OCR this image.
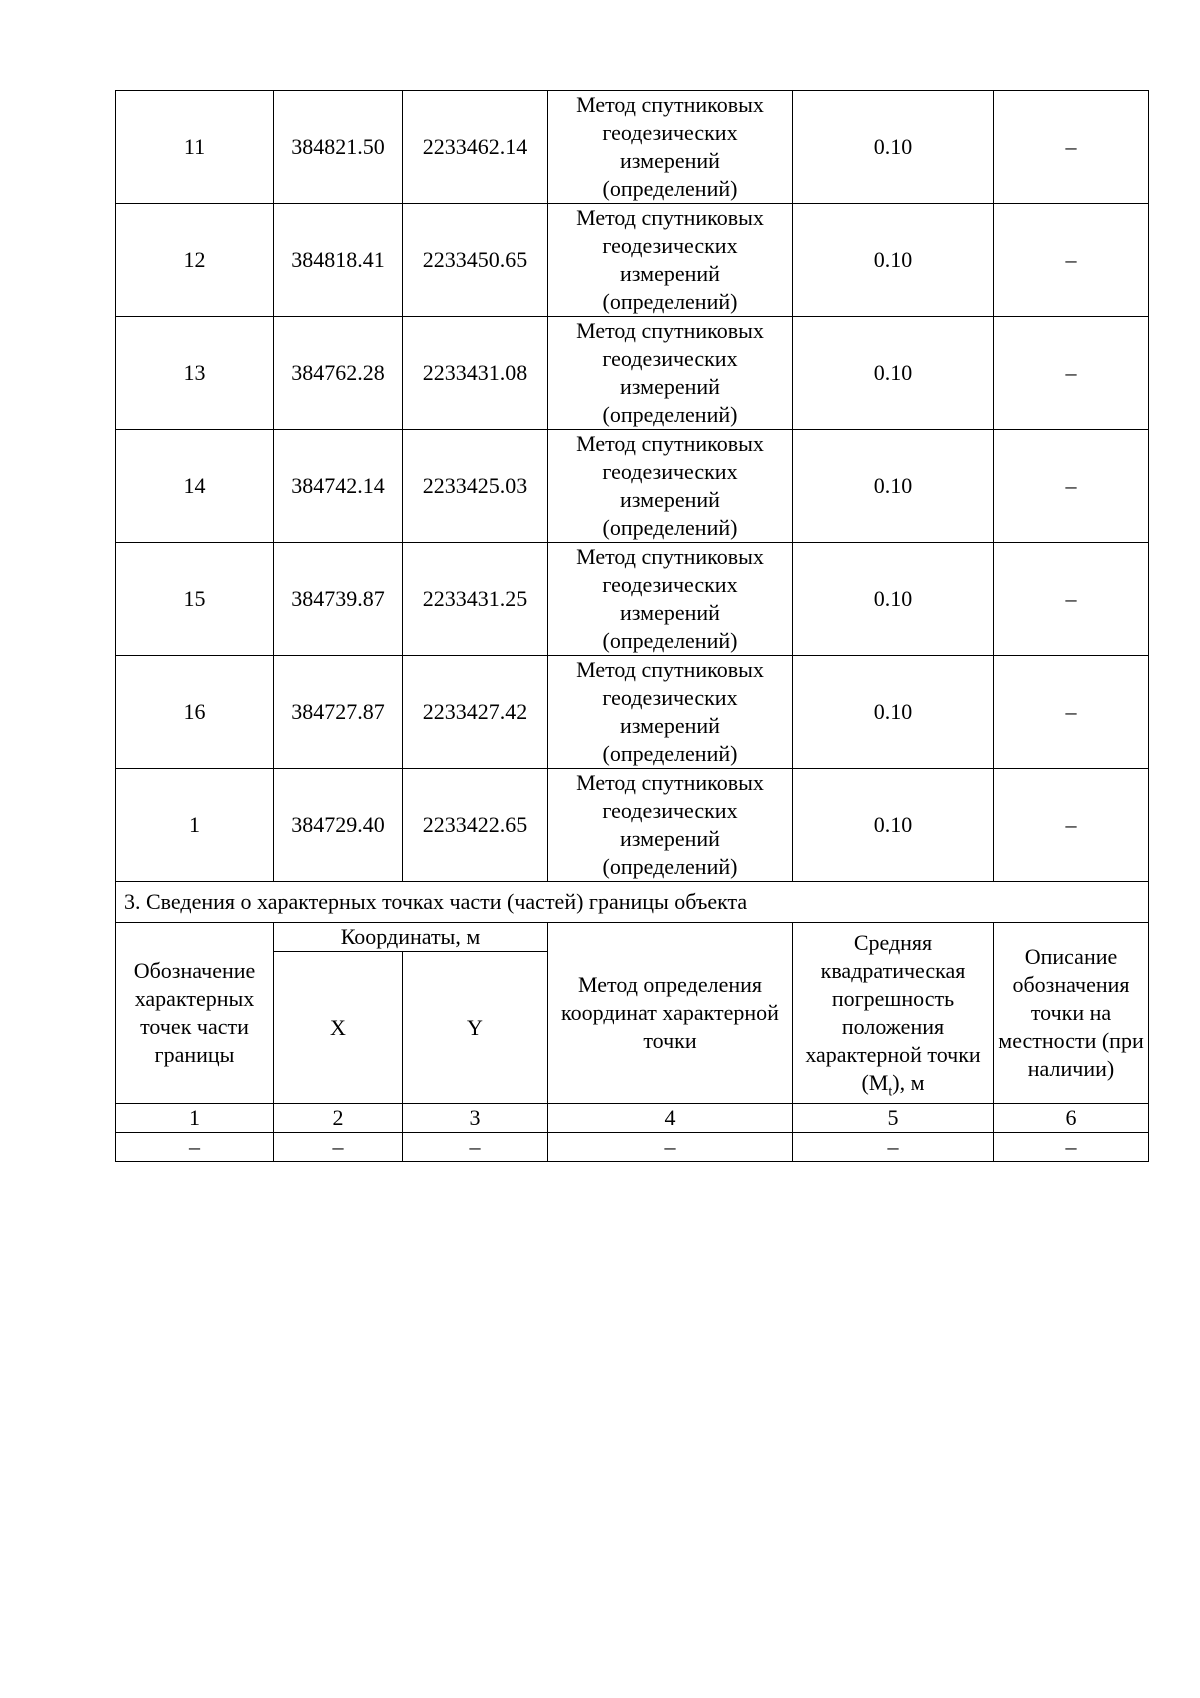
11	384821.50	2233462.14	Метод спутниковых геодезических измерений (определений)	0.10	–
12	384818.41	2233450.65	Метод спутниковых геодезических измерений (определений)	0.10	–
13	384762.28	2233431.08	Метод спутниковых геодезических измерений (определений)	0.10	–
14	384742.14	2233425.03	Метод спутниковых геодезических измерений (определений)	0.10	–
15	384739.87	2233431.25	Метод спутниковых геодезических измерений (определений)	0.10	–
16	384727.87	2233427.42	Метод спутниковых геодезических измерений (определений)	0.10	–
1	384729.40	2233422.65	Метод спутниковых геодезических измерений (определений)	0.10	–
3. Сведения о характерных точках части (частей) границы объекта					
Обозначение характерных точек части границы	Координаты, м		Метод определения координат характерной точки	Средняя квадратическая погрешность положения характерной точки $(M_t)$, м	Описание обозначения точки на местности (при наличии)
	X	Y			
1	2	3	4	5	6
–	–	–	–	–	–
